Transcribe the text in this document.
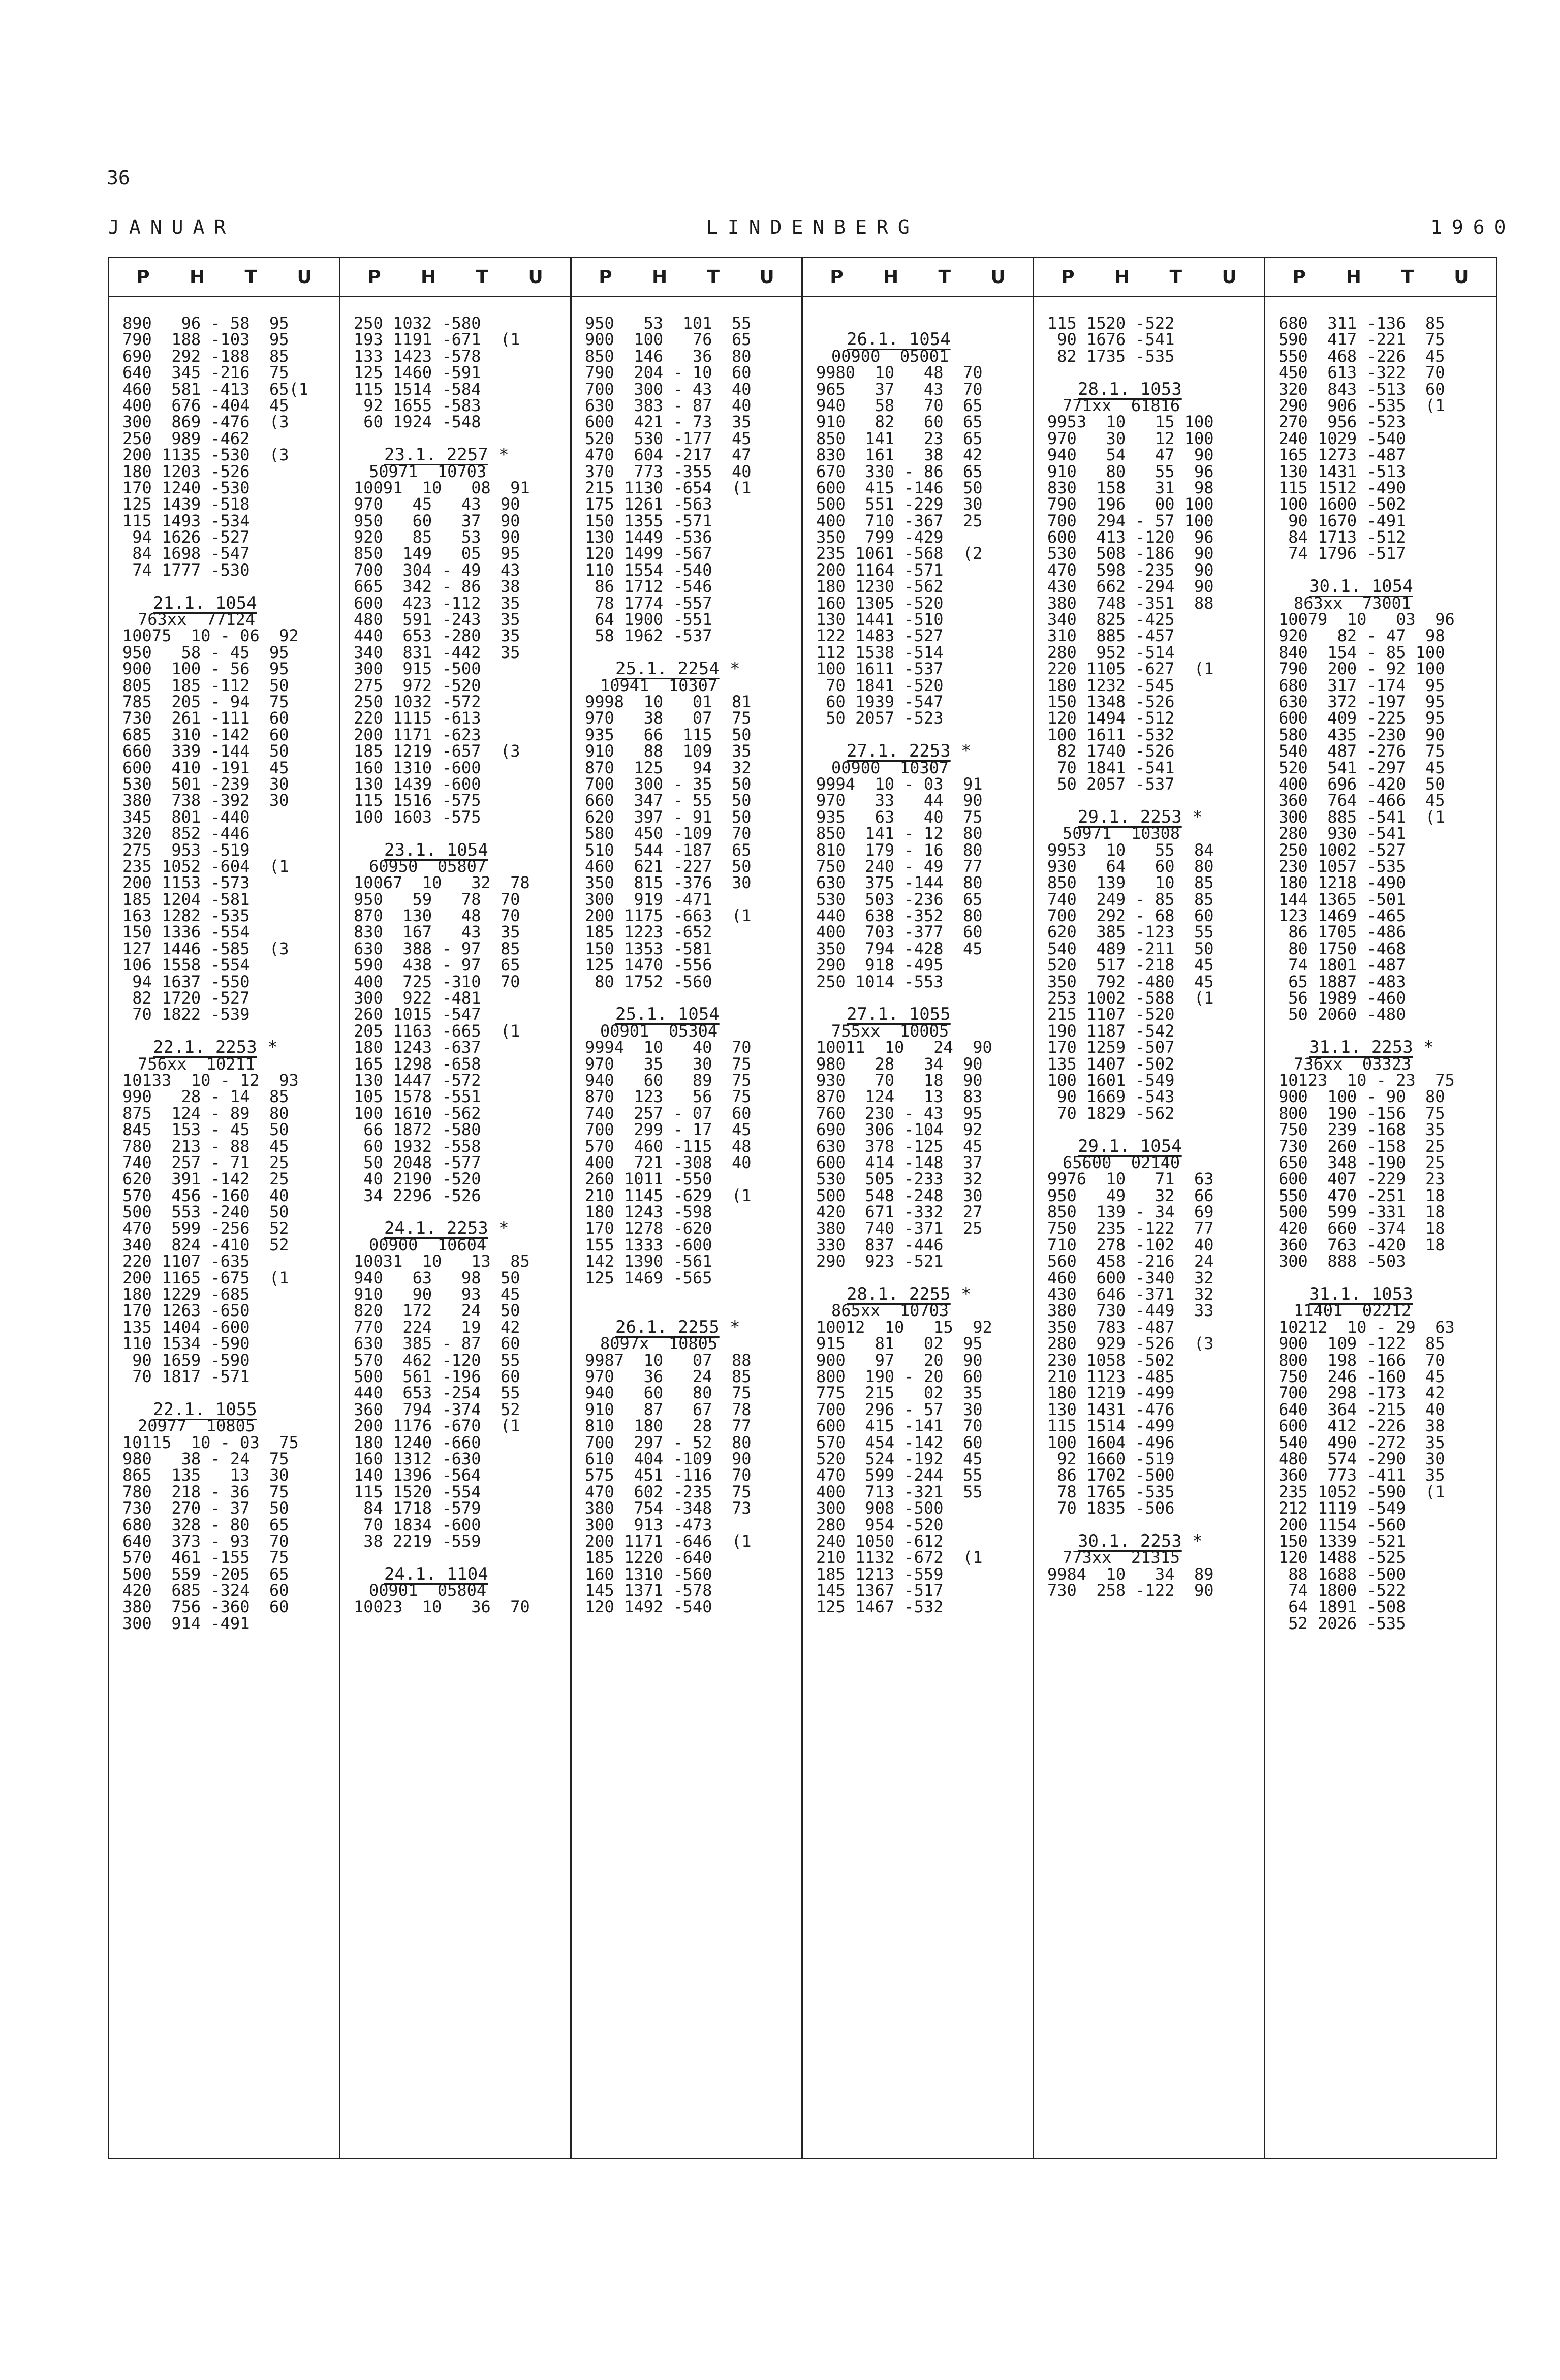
36
JANUAR	LINDENBERG	1960
P H T U
890   96 - 58  95
790  188 -103  95
690  292 -188  85
640  345 -216  75
460  581 -413  65(1
400  676 -404  45
300  869 -476  (3
250  989 -462
200 1135 -530  (3
180 1203 -526
170 1240 -530
125 1439 -518
115 1493 -534
94 1626 -527
84 1698 -547
74 1777 -530
21.1. 1054
763xx  77124
10075  10 - 06  92
950   58 - 45  95
900  100 - 56  95
805  185 -112  50
785  205 - 94  75
730  261 -111  60
685  310 -142  60
660  339 -144  50
600  410 -191  45
530  501 -239  30
380  738 -392  30
345  801 -440
320  852 -446
275  953 -519
235 1052 -604  (1
200 1153 -573
185 1204 -581
163 1282 -535
150 1336 -554
127 1446 -585  (3
106 1558 -554
94 1637 -550
82 1720 -527
70 1822 -539
22.1. 2253 *
756xx  10211
10133  10 - 12  93
990   28 - 14  85
875  124 - 89  80
845  153 - 45  50
780  213 - 88  45
740  257 - 71  25
620  391 -142  25
570  456 -160  40
500  553 -240  50
470  599 -256  52
340  824 -410  52
220 1107 -635
200 1165 -675  (1
180 1229 -685
170 1263 -650
135 1404 -600
110 1534 -590
90 1659 -590
70 1817 -571
22.1. 1055
20977  10805
10115  10 - 03  75
980   38 - 24  75
865  135   13  30
780  218 - 36  75
730  270 - 37  50
680  328 - 80  65
640  373 - 93  70
570  461 -155  75
500  559 -205  65
420  685 -324  60
380  756 -360  60
300  914 -491
P H T U
250 1032 -580
193 1191 -671  (1
133 1423 -578
125 1460 -591
115 1514 -584
92 1655 -583
60 1924 -548
23.1. 2257 *
50971  10703
10091  10   08  91
970   45   43  90
950   60   37  90
920   85   53  90
850  149   05  95
700  304 - 49  43
665  342 - 86  38
600  423 -112  35
480  591 -243  35
440  653 -280  35
340  831 -442  35
300  915 -500
275  972 -520
250 1032 -572
220 1115 -613
200 1171 -623
185 1219 -657  (3
160 1310 -600
130 1439 -600
115 1516 -575
100 1603 -575
23.1. 1054
60950  05807
10067  10   32  78
950   59   78  70
870  130   48  70
830  167   43  35
630  388 - 97  85
590  438 - 97  65
400  725 -310  70
300  922 -481
260 1015 -547
205 1163 -665  (1
180 1243 -637
165 1298 -658
130 1447 -572
105 1578 -551
100 1610 -562
66 1872 -580
60 1932 -558
50 2048 -577
40 2190 -520
34 2296 -526
24.1. 2253 *
00900  10604
10031  10   13  85
940   63   98  50
910   90   93  45
820  172   24  50
770  224   19  42
630  385 - 87  60
570  462 -120  55
500  561 -196  60
440  653 -254  55
360  794 -374  52
200 1176 -670  (1
180 1240 -660
160 1312 -630
140 1396 -564
115 1520 -554
84 1718 -579
70 1834 -600
38 2219 -559
24.1. 1104
00901  05804
10023  10   36  70
P H T U
950   53  101  55
900  100   76  65
850  146   36  80
790  204 - 10  60
700  300 - 43  40
630  383 - 87  40
600  421 - 73  35
520  530 -177  45
470  604 -217  47
370  773 -355  40
215 1130 -654  (1
175 1261 -563
150 1355 -571
130 1449 -536
120 1499 -567
110 1554 -540
86 1712 -546
78 1774 -557
64 1900 -551
58 1962 -537
25.1. 2254 *
10941  10307
9998  10   01  81
970   38   07  75
935   66  115  50
910   88  109  35
870  125   94  32
700  300 - 35  50
660  347 - 55  50
620  397 - 91  50
580  450 -109  70
510  544 -187  65
460  621 -227  50
350  815 -376  30
300  919 -471
200 1175 -663  (1
185 1223 -652
150 1353 -581
125 1470 -556
80 1752 -560
25.1. 1054
00901  05304
9994  10   40  70
970   35   30  75
940   60   89  75
870  123   56  75
740  257 - 07  60
700  299 - 17  45
570  460 -115  48
400  721 -308  40
260 1011 -550
210 1145 -629  (1
180 1243 -598
170 1278 -620
155 1333 -600
142 1390 -561
125 1469 -565
26.1. 2255 *
8097x  10805
9987  10   07  88
970   36   24  85
940   60   80  75
910   87   67  78
810  180   28  77
700  297 - 52  80
610  404 -109  90
575  451 -116  70
470  602 -235  75
380  754 -348  73
300  913 -473
200 1171 -646  (1
185 1220 -640
160 1310 -560
145 1371 -578
120 1492 -540
P H T U
26.1. 1054
00900  05001
9980  10   48  70
965   37   43  70
940   58   70  65
910   82   60  65
850  141   23  65
830  161   38  42
670  330 - 86  65
600  415 -146  50
500  551 -229  30
400  710 -367  25
350  799 -429
235 1061 -568  (2
200 1164 -571
180 1230 -562
160 1305 -520
130 1441 -510
122 1483 -527
112 1538 -514
100 1611 -537
70 1841 -520
60 1939 -547
50 2057 -523
27.1. 2253 *
00900  10307
9994  10 - 03  91
970   33   44  90
935   63   40  75
850  141 - 12  80
810  179 - 16  80
750  240 - 49  77
630  375 -144  80
530  503 -236  65
440  638 -352  80
400  703 -377  60
350  794 -428  45
290  918 -495
250 1014 -553
27.1. 1055
755xx  10005
10011  10   24  90
980   28   34  90
930   70   18  90
870  124   13  83
760  230 - 43  95
690  306 -104  92
630  378 -125  45
600  414 -148  37
530  505 -233  32
500  548 -248  30
420  671 -332  27
380  740 -371  25
330  837 -446
290  923 -521
28.1. 2255 *
865xx  10703
10012  10   15  92
915   81   02  95
900   97   20  90
800  190 - 20  60
775  215   02  35
700  296 - 57  30
600  415 -141  70
570  454 -142  60
520  524 -192  45
470  599 -244  55
400  713 -321  55
300  908 -500
280  954 -520
240 1050 -612
210 1132 -672  (1
185 1213 -559
145 1367 -517
125 1467 -532
P H T U
115 1520 -522
90 1676 -541
82 1735 -535
28.1. 1053
771xx  61816
9953  10   15 100
970   30   12 100
940   54   47  90
910   80   55  96
830  158   31  98
790  196   00 100
700  294 - 57 100
600  413 -120  96
530  508 -186  90
470  598 -235  90
430  662 -294  90
380  748 -351  88
340  825 -425
310  885 -457
280  952 -514
220 1105 -627  (1
180 1232 -545
150 1348 -526
120 1494 -512
100 1611 -532
82 1740 -526
70 1841 -541
50 2057 -537
29.1. 2253 *
50971  10308
9953  10   55  84
930   64   60  80
850  139   10  85
740  249 - 85  85
700  292 - 68  60
620  385 -123  55
540  489 -211  50
520  517 -218  45
350  792 -480  45
253 1002 -588  (1
215 1107 -520
190 1187 -542
170 1259 -507
135 1407 -502
100 1601 -549
90 1669 -543
70 1829 -562
29.1. 1054
65600  02140
9976  10   71  63
950   49   32  66
850  139 - 34  69
750  235 -122  77
710  278 -102  40
560  458 -216  24
460  600 -340  32
430  646 -371  32
380  730 -449  33
350  783 -487
280  929 -526  (3
230 1058 -502
210 1123 -485
180 1219 -499
130 1431 -476
115 1514 -499
100 1604 -496
92 1660 -519
86 1702 -500
78 1765 -535
70 1835 -506
30.1. 2253 *
773xx  21315
9984  10   34  89
730  258 -122  90
P H T U
680  311 -136  85
590  417 -221  75
550  468 -226  45
450  613 -322  70
320  843 -513  60
290  906 -535  (1
270  956 -523
240 1029 -540
165 1273 -487
130 1431 -513
115 1512 -490
100 1600 -502
90 1670 -491
84 1713 -512
74 1796 -517
30.1. 1054
863xx  73001
10079  10   03  96
920   82 - 47  98
840  154 - 85 100
790  200 - 92 100
680  317 -174  95
630  372 -197  95
600  409 -225  95
580  435 -230  90
540  487 -276  75
520  541 -297  45
400  696 -420  50
360  764 -466  45
300  885 -541  (1
280  930 -541
250 1002 -527
230 1057 -535
180 1218 -490
144 1365 -501
123 1469 -465
86 1705 -486
80 1750 -468
74 1801 -487
65 1887 -483
56 1989 -460
50 2060 -480
31.1. 2253 *
736xx  03323
10123  10 - 23  75
900  100 - 90  80
800  190 -156  75
750  239 -168  35
730  260 -158  25
650  348 -190  25
600  407 -229  23
550  470 -251  18
500  599 -331  18
420  660 -374  18
360  763 -420  18
300  888 -503
31.1. 1053
11401  02212
10212  10 - 29  63
900  109 -122  85
800  198 -166  70
750  246 -160  45
700  298 -173  42
640  364 -215  40
600  412 -226  38
540  490 -272  35
480  574 -290  30
360  773 -411  35
235 1052 -590  (1
212 1119 -549
200 1154 -560
150 1339 -521
120 1488 -525
88 1688 -500
74 1800 -522
64 1891 -508
52 2026 -535
